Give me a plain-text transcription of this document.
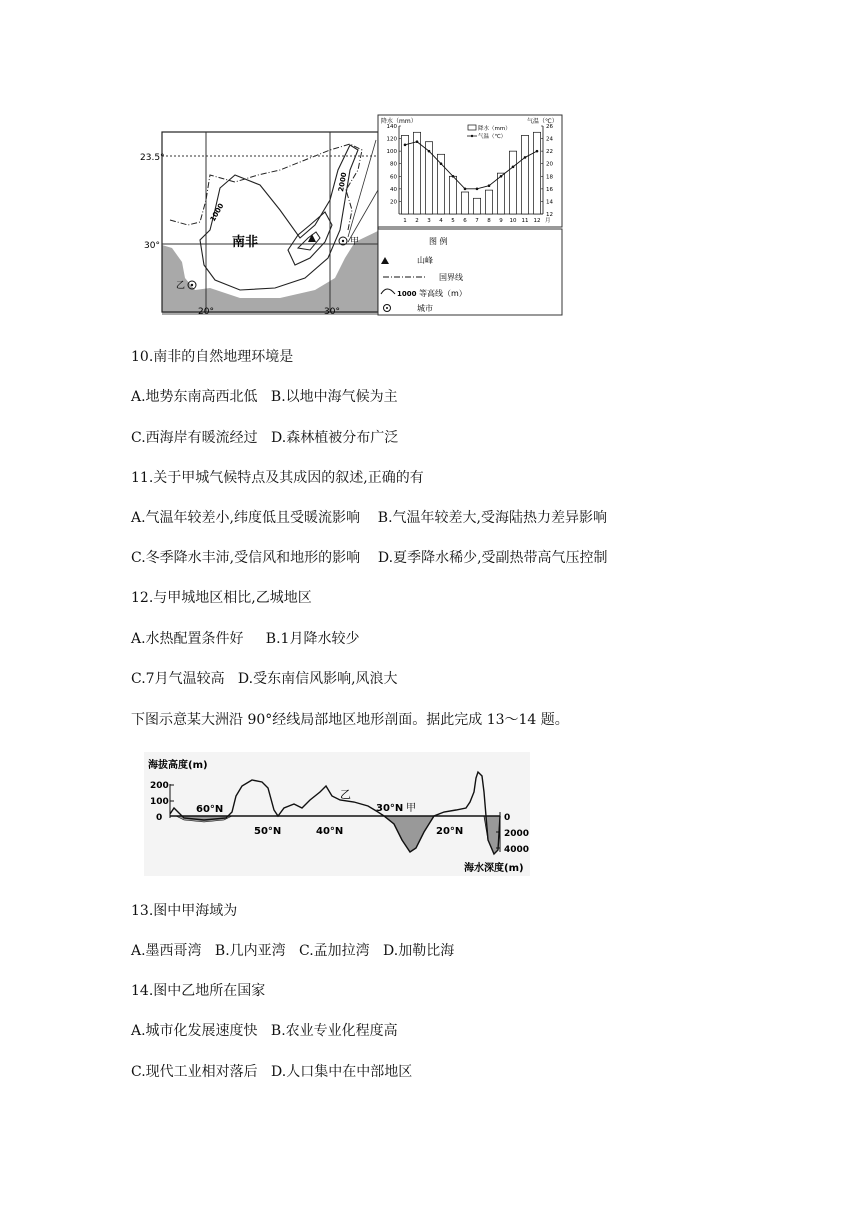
23.5°
30°
20°	30°
南非
1000
2000
甲
乙
降水（mm）	气温（℃）
降水（mm）
气温（℃）
20
40
60
80
100
120
140
12
14
16
18
20
22
24
26
1 2 3 4 5 6 7 8 9 10 11 12 月
图 例
山峰
国界线
1000 等高线（m）
城市
10.南非的自然地理环境是
A.地势东南高西北低   B.以地中海气候为主
C.西海岸有暖流经过   D.森林植被分布广泛
11.关于甲城气候特点及其成因的叙述,正确的有
A.气温年较差小,纬度低且受暖流影响    B.气温年较差大,受海陆热力差异影响
C.冬季降水丰沛,受信风和地形的影响    D.夏季降水稀少,受副热带高气压控制
12.与甲城地区相比,乙城地区
A.水热配置条件好     B.1月降水较少
C.7月气温较高   D.受东南信风影响,风浪大
下图示意某大洲沿 90°经线局部地区地形剖面。据此完成 13～14 题。
海拔高度(m)
200
100
0	0
2000
4000
海水深度(m)
60°N
50°N	40°N
30°N
20°N
乙
甲
13.图中甲海域为
A.墨西哥湾   B.几内亚湾   C.孟加拉湾   D.加勒比海
14.图中乙地所在国家
A.城市化发展速度快   B.农业专业化程度高
C.现代工业相对落后   D.人口集中在中部地区
